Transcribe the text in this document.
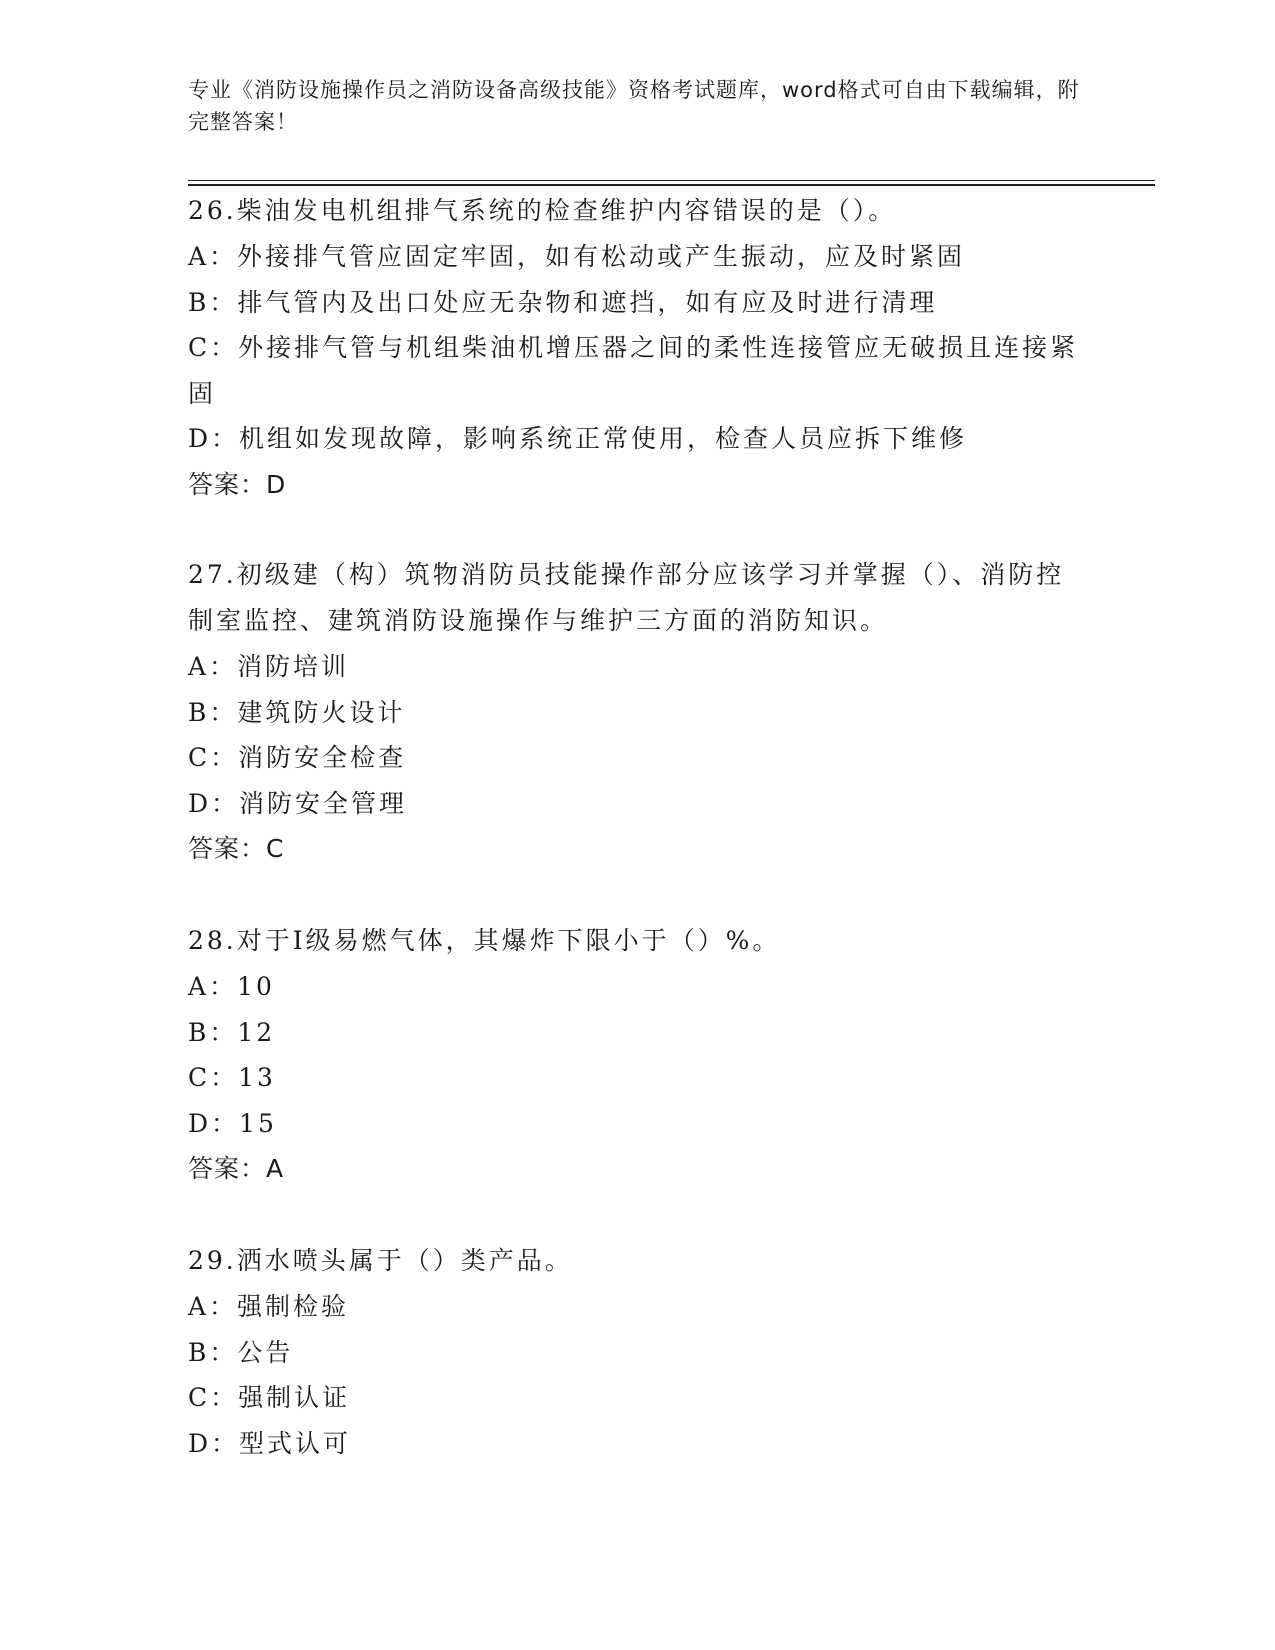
专业《消防设施操作员之消防设备高级技能》资格考试题库，word格式可自由下载编辑，附完整答案！
26.柴油发电机组排气系统的检查维护内容错误的是（）。
A：外接排气管应固定牢固，如有松动或产生振动，应及时紧固
B：排气管内及出口处应无杂物和遮挡，如有应及时进行清理
C：外接排气管与机组柴油机增压器之间的柔性连接管应无破损且连接紧固
D：机组如发现故障，影响系统正常使用，检查人员应拆下维修
答案：D
27.初级建（构）筑物消防员技能操作部分应该学习并掌握（）、消防控制室监控、建筑消防设施操作与维护三方面的消防知识。
A：消防培训
B：建筑防火设计
C：消防安全检查
D：消防安全管理
答案：C
28.对于Ⅰ级易燃气体，其爆炸下限小于（）%。
A：10
B：12
C：13
D：15
答案：A
29.洒水喷头属于（）类产品。
A：强制检验
B：公告
C：强制认证
D：型式认可
